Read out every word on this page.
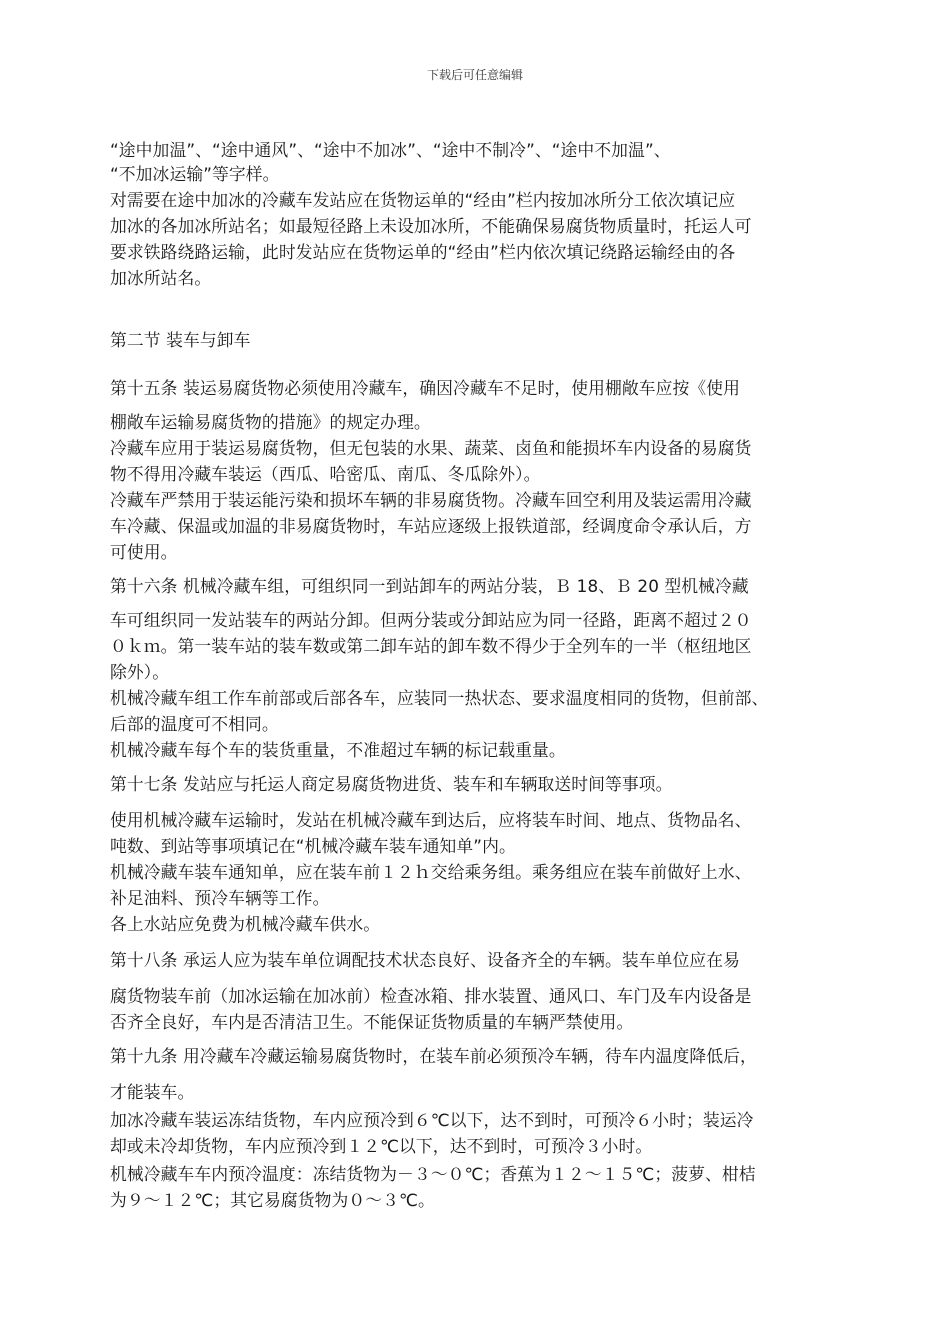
下载后可任意编辑
“途中加温”、“途中通风”、“途中不加冰”、“途中不制冷”、“途中不加温”、
“不加冰运输”等字样。
对需要在途中加冰的冷藏车发站应在货物运单的“经由”栏内按加冰所分工依次填记应
加冰的各加冰所站名；如最短径路上未设加冰所，不能确保易腐货物质量时，托运人可
要求铁路绕路运输，此时发站应在货物运单的“经由”栏内依次填记绕路运输经由的各
加冰所站名。
第二节 装车与卸车
第十五条 装运易腐货物必须使用冷藏车，确因冷藏车不足时，使用棚敞车应按《使用
棚敞车运输易腐货物的措施》的规定办理。
冷藏车应用于装运易腐货物，但无包装的水果、蔬菜、卤鱼和能损坏车内设备的易腐货
物不得用冷藏车装运（西瓜、哈密瓜、南瓜、冬瓜除外）。
冷藏车严禁用于装运能污染和损坏车辆的非易腐货物。冷藏车回空利用及装运需用冷藏
车冷藏、保温或加温的非易腐货物时，车站应逐级上报铁道部，经调度命令承认后，方
可使用。
第十六条 机械冷藏车组，可组织同一到站卸车的两站分装，Ｂ 18、Ｂ 20 型机械冷藏
车可组织同一发站装车的两站分卸。但两分装或分卸站应为同一径路，距离不超过２０
０ｋｍ。第一装车站的装车数或第二卸车站的卸车数不得少于全列车的一半（枢纽地区
除外）。
机械冷藏车组工作车前部或后部各车，应装同一热状态、要求温度相同的货物，但前部、
后部的温度可不相同。
机械冷藏车每个车的装货重量，不准超过车辆的标记载重量。
第十七条 发站应与托运人商定易腐货物进货、装车和车辆取送时间等事项。
使用机械冷藏车运输时，发站在机械冷藏车到达后，应将装车时间、地点、货物品名、
吨数、到站等事项填记在“机械冷藏车装车通知单”内。
机械冷藏车装车通知单，应在装车前１２ｈ交给乘务组。乘务组应在装车前做好上水、
补足油料、预冷车辆等工作。
各上水站应免费为机械冷藏车供水。
第十八条 承运人应为装车单位调配技术状态良好、设备齐全的车辆。装车单位应在易
腐货物装车前（加冰运输在加冰前）检查冰箱、排水装置、通风口、车门及车内设备是
否齐全良好，车内是否清洁卫生。不能保证货物质量的车辆严禁使用。
第十九条 用冷藏车冷藏运输易腐货物时，在装车前必须预冷车辆，待车内温度降低后，
才能装车。
加冰冷藏车装运冻结货物，车内应预冷到６℃以下，达不到时，可预冷６小时；装运冷
却或未冷却货物，车内应预冷到１２℃以下，达不到时，可预冷３小时。
机械冷藏车车内预冷温度：冻结货物为－３～０℃；香蕉为１２～１５℃；菠萝、柑桔
为９～１２℃；其它易腐货物为０～３℃。
